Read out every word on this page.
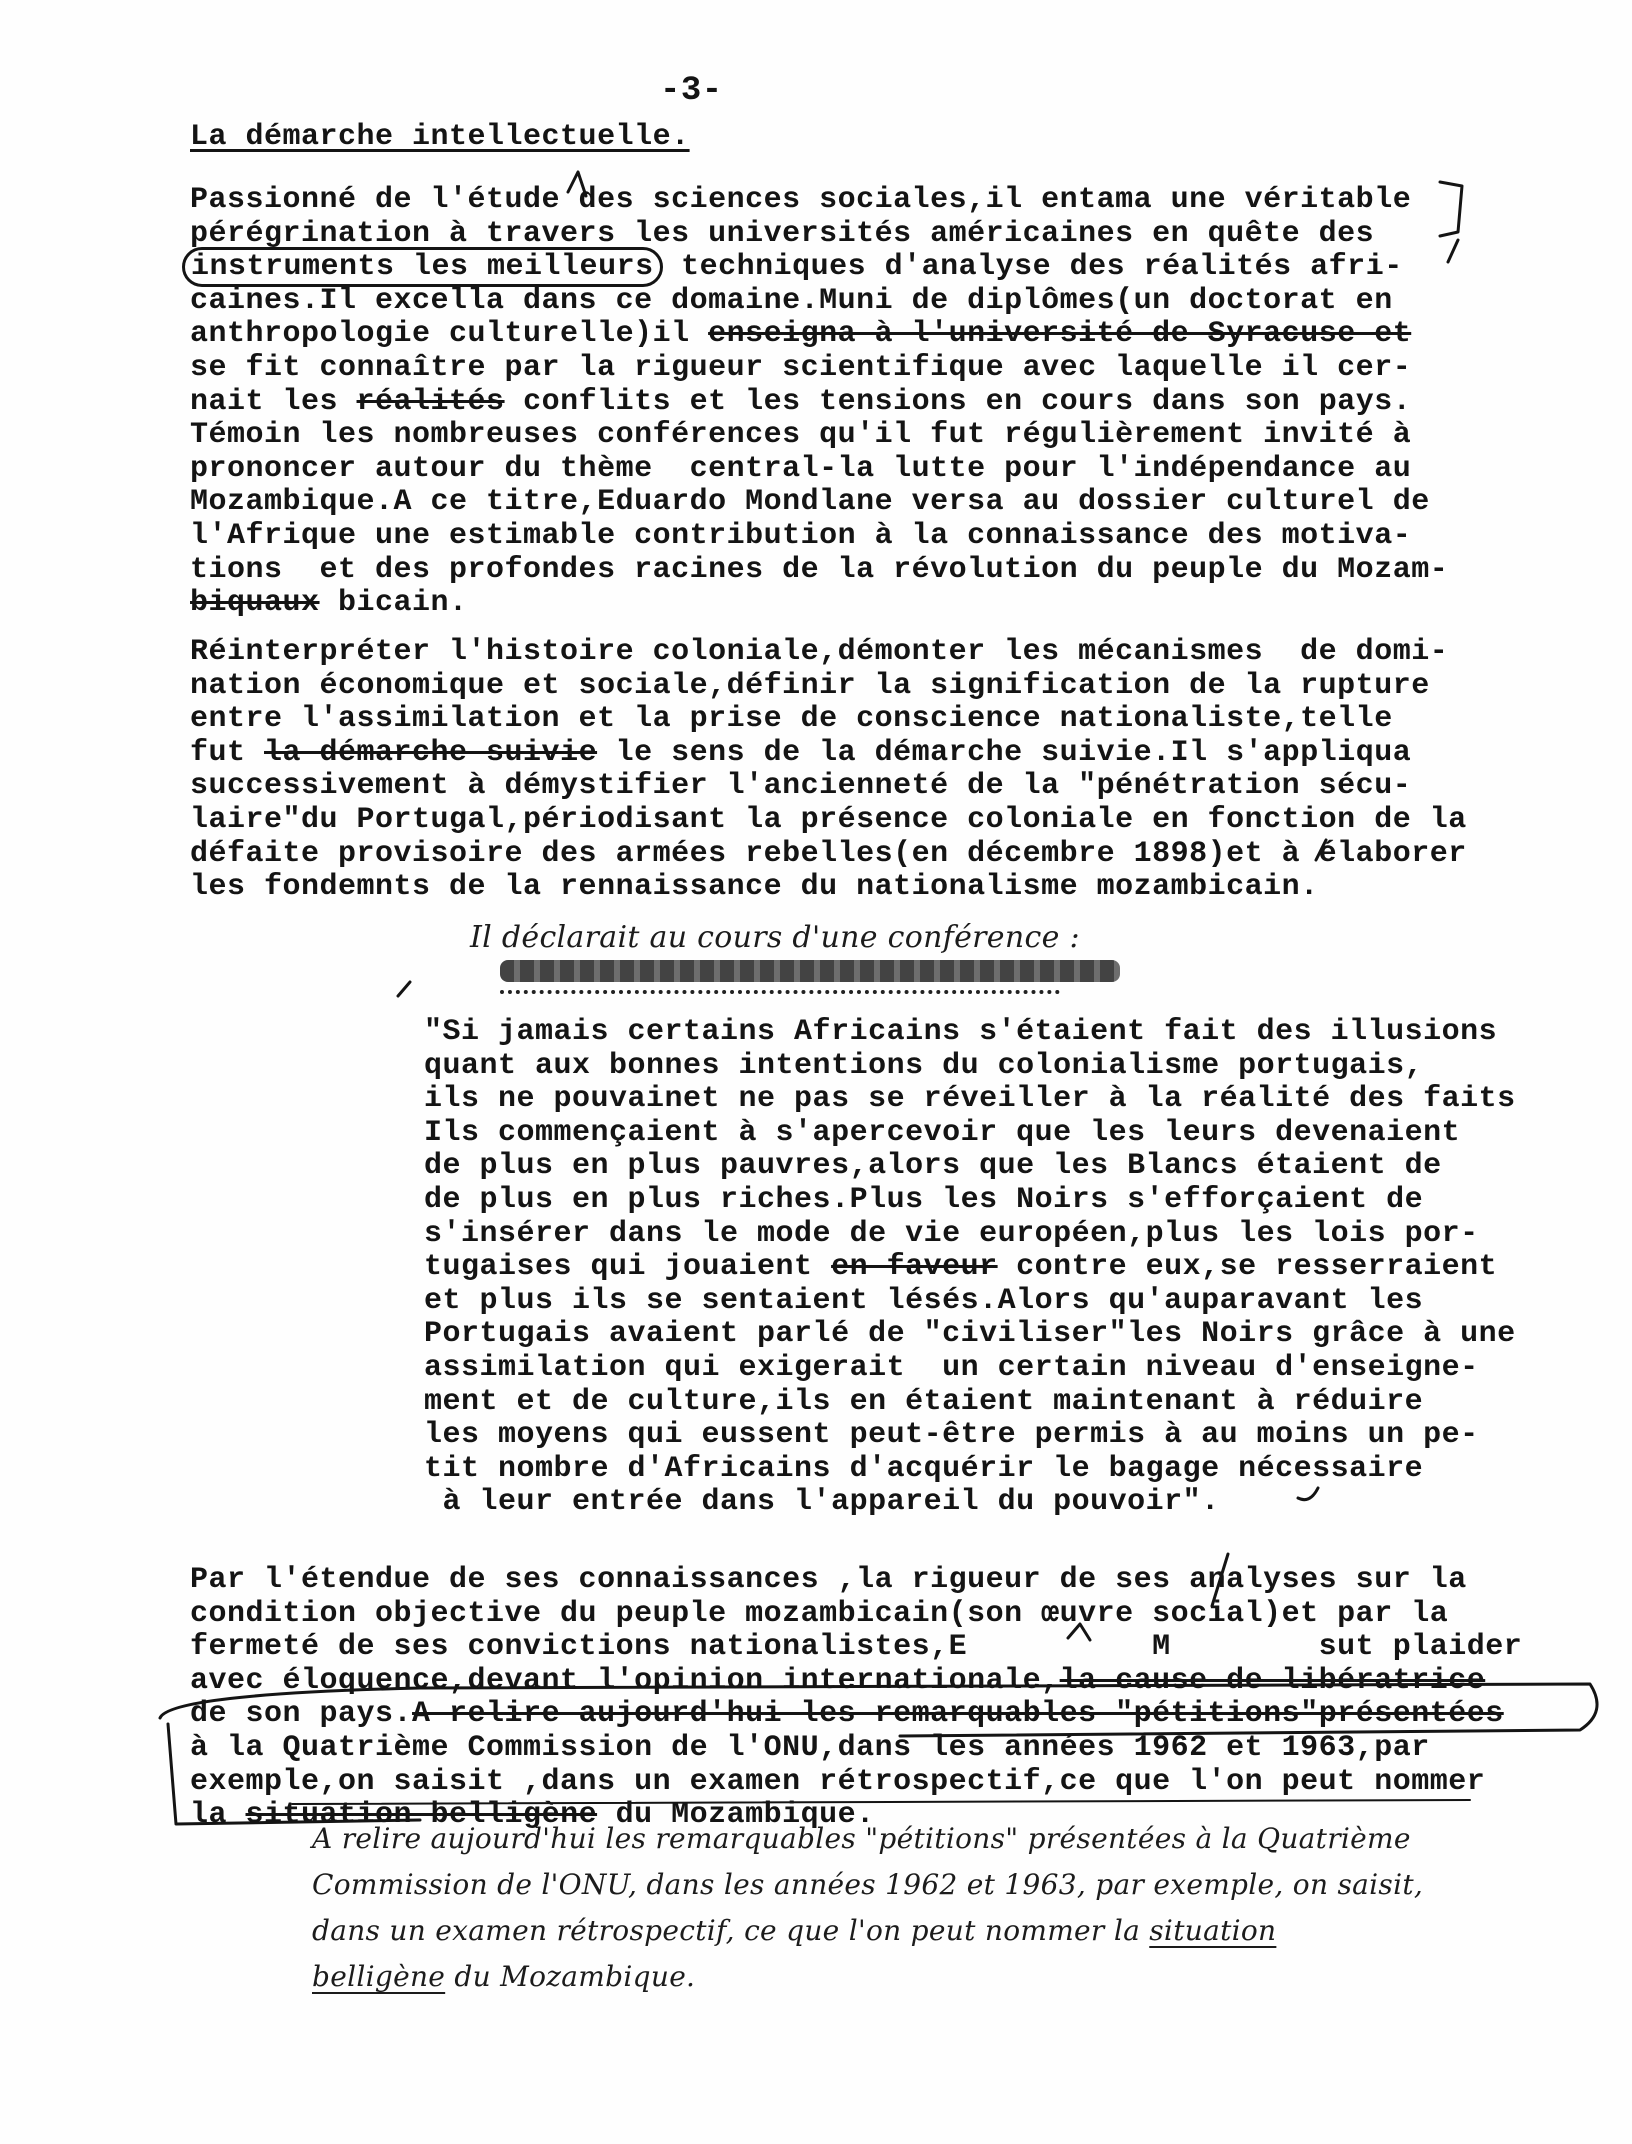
-3-
La démarche intellectuelle.
Passionné de l'étude des sciences sociales,il entama une véritable
pérégrination à travers les universités américaines en quête des
instruments les meilleurs techniques d'analyse des réalités afri-
caines.Il excella dans ce domaine.Muni de diplômes(un doctorat en
anthropologie culturelle)il enseigna à l'université de Syracuse et
se fit connaître par la rigueur scientifique avec laquelle il cer-
nait les réalités conflits et les tensions en cours dans son pays.
Témoin les nombreuses conférences qu'il fut régulièrement invité à
prononcer autour du thème  central-la lutte pour l'indépendance au
Mozambique.A ce titre,Eduardo Mondlane versa au dossier culturel de
l'Afrique une estimable contribution à la connaissance des motiva-
tions  et des profondes racines de la révolution du peuple du Mozam-
biquaux bicain.
Réinterpréter l'histoire coloniale,démonter les mécanismes  de domi-
nation économique et sociale,définir la signification de la rupture
entre l'assimilation et la prise de conscience nationaliste,telle
fut la démarche suivie le sens de la démarche suivie.Il s'appliqua
successivement à démystifier l'ancienneté de la "pénétration sécu-
laire"du Portugal,périodisant la présence coloniale en fonction de la
défaite provisoire des armées rebelles(en décembre 1898)et à élaborer
les fondemnts de la rennaissance du nationalisme mozambicain.
Il déclarait au cours d'une conférence :
"Si jamais certains Africains s'étaient fait des illusions
quant aux bonnes intentions du colonialisme portugais,
ils ne pouvainet ne pas se réveiller à la réalité des faits
Ils commençaient à s'apercevoir que les leurs devenaient
de plus en plus pauvres,alors que les Blancs étaient de
de plus en plus riches.Plus les Noirs s'efforçaient de
s'insérer dans le mode de vie européen,plus les lois por-
tugaises qui jouaient en faveur contre eux,se resserraient
et plus ils se sentaient lésés.Alors qu'auparavant les
Portugais avaient parlé de "civiliser"les Noirs grâce à une
assimilation qui exigerait  un certain niveau d'enseigne-
ment et de culture,ils en étaient maintenant à réduire
les moyens qui eussent peut-être permis à au moins un pe-
tit nombre d'Africains d'acquérir le bagage nécessaire
à leur entrée dans l'appareil du pouvoir".
Par l'étendue de ses connaissances ,la rigueur de ses analyses sur la
condition objective du peuple mozambicain(son œuvre social)et par la
fermeté de ses convictions nationalistes,E          M        sut plaider
avec éloquence,devant l'opinion internationale,la cause de libératrice
de son pays.A relire aujourd'hui les remarquables "pétitions"présentées
à la Quatrième Commission de l'ONU,dans les années 1962 et 1963,par
exemple,on saisit ,dans un examen rétrospectif,ce que l'on peut nommer
la situation belligène du Mozambique.
A relire aujourd'hui les remarquables "pétitions" présentées à la Quatrième
Commission de l'ONU, dans les années 1962 et 1963, par exemple, on saisit,
dans un examen rétrospectif, ce que l'on peut nommer la situation
belligène du Mozambique.
